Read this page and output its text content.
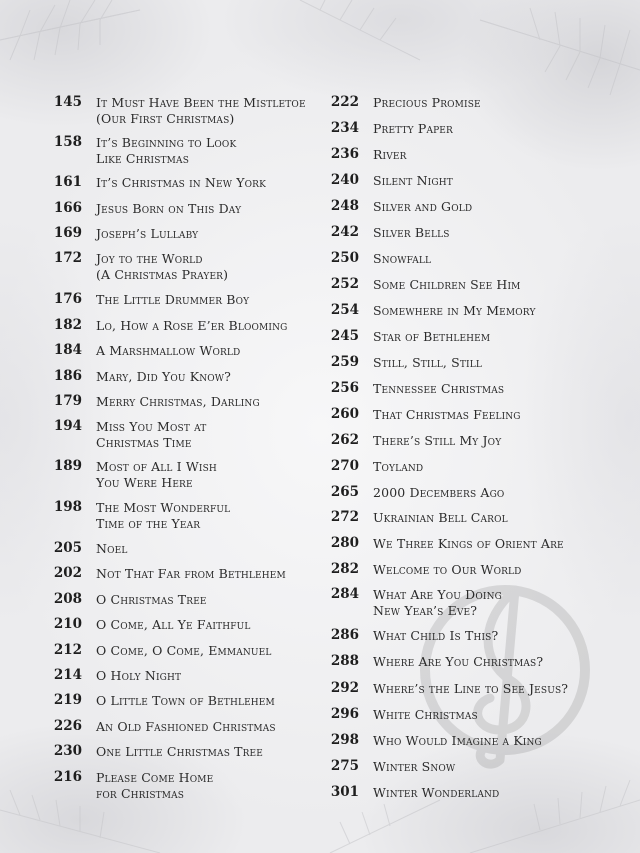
145 It Must Have Been the Mistletoe
(Our First Christmas)
158 It’s Beginning to Look
Like Christmas
161 It’s Christmas in New York
166 Jesus Born on This Day
169 Joseph’s Lullaby
172 Joy to the World
(A Christmas Prayer)
176 The Little Drummer Boy
182 Lo, How a Rose E’er Blooming
184 A Marshmallow World
186 Mary, Did You Know?
179 Merry Christmas, Darling
194 Miss You Most at
Christmas Time
189 Most of All I Wish
You Were Here
198 The Most Wonderful
Time of the Year
205 Noel
202 Not That Far from Bethlehem
208 O Christmas Tree
210 O Come, All Ye Faithful
212 O Come, O Come, Emmanuel
214 O Holy Night
219 O Little Town of Bethlehem
226 An Old Fashioned Christmas
230 One Little Christmas Tree
216 Please Come Home
for Christmas
222 Precious Promise
234 Pretty Paper
236 River
240 Silent Night
248 Silver and Gold
242 Silver Bells
250 Snowfall
252 Some Children See Him
254 Somewhere in My Memory
245 Star of Bethlehem
259 Still, Still, Still
256 Tennessee Christmas
260 That Christmas Feeling
262 There’s Still My Joy
270 Toyland
265 2000 Decembers Ago
272 Ukrainian Bell Carol
280 We Three Kings of Orient Are
282 Welcome to Our World
284 What Are You Doing
New Year’s Eve?
286 What Child Is This?
288 Where Are You Christmas?
292 Where’s the Line to See Jesus?
296 White Christmas
298 Who Would Imagine a King
275 Winter Snow
301 Winter Wonderland
